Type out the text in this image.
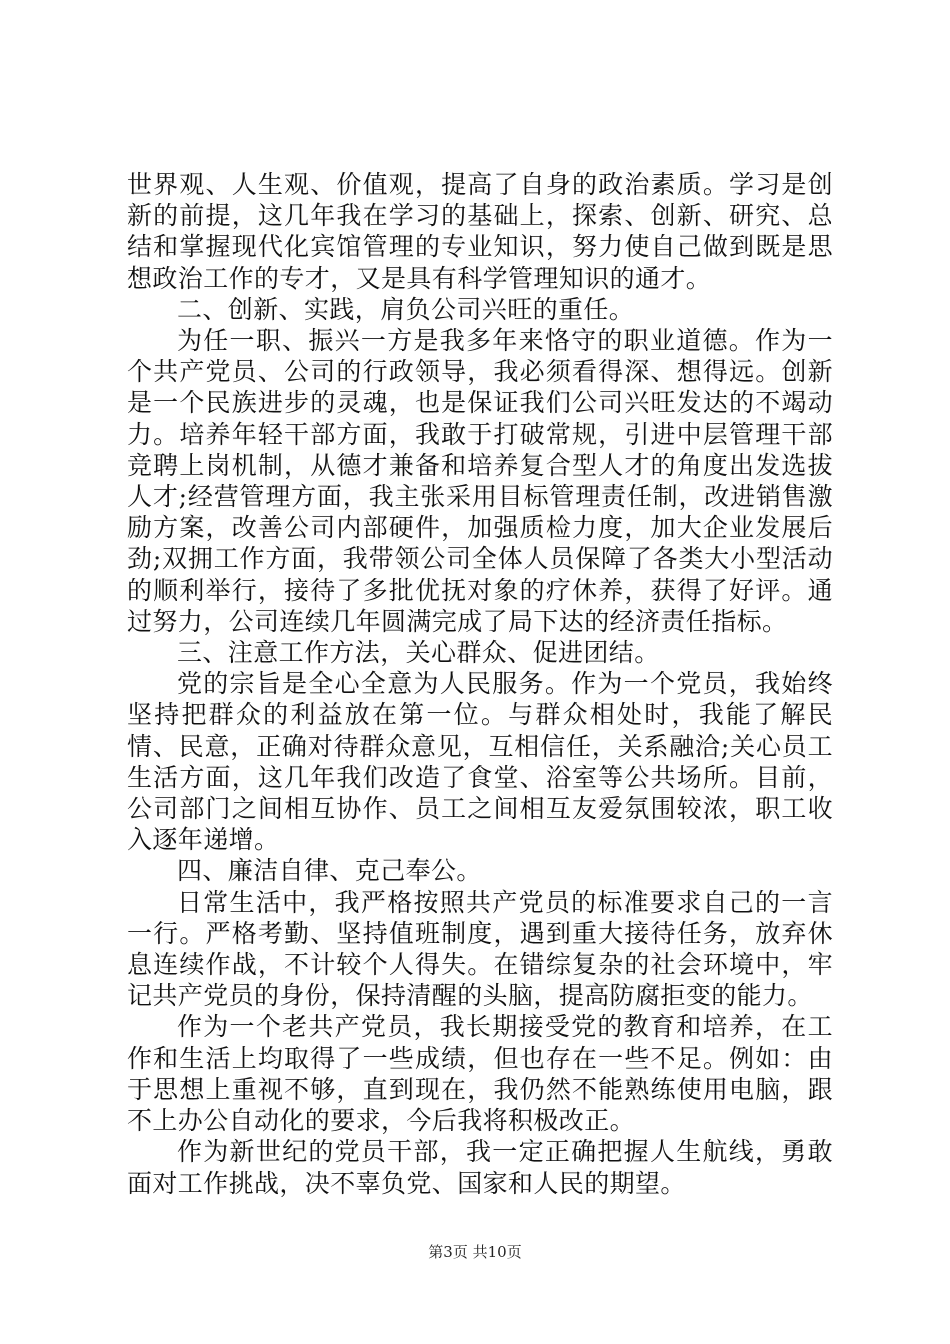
世界观、人生观、价值观，提高了自身的政治素质。学习是创新的前提，这几年我在学习的基础上，探索、创新、研究、总结和掌握现代化宾馆管理的专业知识，努力使自己做到既是思想政治工作的专才，又是具有科学管理知识的通才。

二、创新、实践，肩负公司兴旺的重任。

为任一职、振兴一方是我多年来恪守的职业道德。作为一个共产党员、公司的行政领导，我必须看得深、想得远。创新是一个民族进步的灵魂，也是保证我们公司兴旺发达的不竭动力。培养年轻干部方面，我敢于打破常规，引进中层管理干部竞聘上岗机制，从德才兼备和培养复合型人才的角度出发选拔人才;经营管理方面，我主张采用目标管理责任制，改进销售激励方案，改善公司内部硬件，加强质检力度，加大企业发展后劲;双拥工作方面，我带领公司全体人员保障了各类大小型活动的顺利举行，接待了多批优抚对象的疗休养，获得了好评。通过努力，公司连续几年圆满完成了局下达的经济责任指标。

三、注意工作方法，关心群众、促进团结。

党的宗旨是全心全意为人民服务。作为一个党员，我始终坚持把群众的利益放在第一位。与群众相处时，我能了解民情、民意，正确对待群众意见，互相信任，关系融洽;关心员工生活方面，这几年我们改造了食堂、浴室等公共场所。目前，公司部门之间相互协作、员工之间相互友爱氛围较浓，职工收入逐年递增。

四、廉洁自律、克己奉公。

日常生活中，我严格按照共产党员的标准要求自己的一言一行。严格考勤、坚持值班制度，遇到重大接待任务，放弃休息连续作战，不计较个人得失。在错综复杂的社会环境中，牢记共产党员的身份，保持清醒的头脑，提高防腐拒变的能力。

作为一个老共产党员，我长期接受党的教育和培养，在工作和生活上均取得了一些成绩，但也存在一些不足。例如：由于思想上重视不够，直到现在，我仍然不能熟练使用电脑，跟不上办公自动化的要求，今后我将积极改正。

作为新世纪的党员干部，我一定正确把握人生航线，勇敢面对工作挑战，决不辜负党、国家和人民的期望。

第3页 共10页
